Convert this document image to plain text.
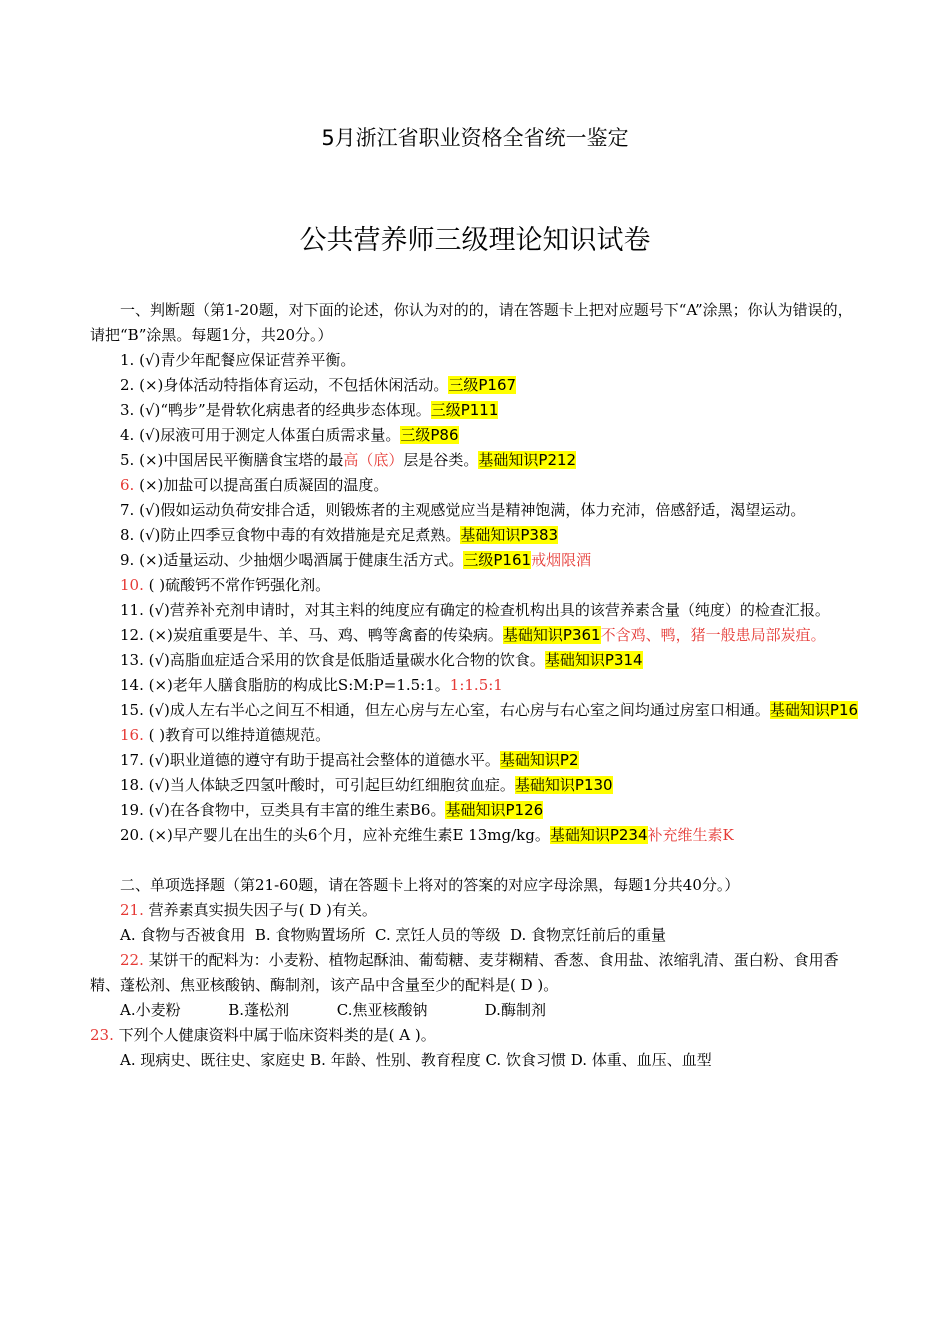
5月浙江省职业资格全省统一鉴定
公共营养师三级理论知识试卷

一、判断题（第1-20题，对下面的论述，你认为对的的，请在答题卡上把对应题号下“A”涂黑；你认为错误的，请把“B”涂黑。每题1分，共20分。）

1. (√)青少年配餐应保证营养平衡。

2. (×)身体活动特指体育运动，不包括休闲活动。三级P167

3. (√)“鸭步”是骨软化病患者的经典步态体现。三级P111

4. (√)尿液可用于测定人体蛋白质需求量。三级P86

5. (×)中国居民平衡膳食宝塔的最高（底）层是谷类。基础知识P212

6. (×)加盐可以提高蛋白质凝固的温度。

7. (√)假如运动负荷安排合适，则锻炼者的主观感觉应当是精神饱满，体力充沛，倍感舒适，渴望运动。

8. (√)防止四季豆食物中毒的有效措施是充足煮熟。基础知识P383

9. (×)适量运动、少抽烟少喝酒属于健康生活方式。三级P161戒烟限酒

10. ( )硫酸钙不常作钙强化剂。

11. (√)营养补充剂申请时，对其主料的纯度应有确定的检查机构出具的该营养素含量（纯度）的检查汇报。

12. (×)炭疽重要是牛、羊、马、鸡、鸭等禽畜的传染病。基础知识P361不含鸡、鸭，猪一般患局部炭疽。

13. (√)高脂血症适合采用的饮食是低脂适量碳水化合物的饮食。基础知识P314

14. (×)老年人膳食脂肪的构成比S:M:P=1.5:1。1:1.5:1

15. (√)成人左右半心之间互不相通，但左心房与左心室，右心房与右心室之间均通过房室口相通。基础知识P16

16. ( )教育可以维持道德规范。

17. (√)职业道德的遵守有助于提高社会整体的道德水平。基础知识P2

18. (√)当人体缺乏四氢叶酸时，可引起巨幼红细胞贫血症。基础知识P130

19. (√)在各食物中，豆类具有丰富的维生素B6。基础知识P126

20. (×)早产婴儿在出生的头6个月，应补充维生素E 13mg/kg。基础知识P234补充维生素K

二、单项选择题（第21-60题，请在答题卡上将对的答案的对应字母涂黑，每题1分共40分。）

21. 营养素真实损失因子与( D )有关。

A. 食物与否被食用  B. 食物购置场所  C. 烹饪人员的等级  D. 食物烹饪前后的重量

22. 某饼干的配料为：小麦粉、植物起酥油、葡萄糖、麦芽糊精、香葱、食用盐、浓缩乳清、蛋白粉、食用香精、蓬松剂、焦亚核酸钠、酶制剂，该产品中含量至少的配料是( D )。

A.小麦粉          B.蓬松剂          C.焦亚核酸钠            D.酶制剂

23. 下列个人健康资料中属于临床资料类的是( A )。

A. 现病史、既往史、家庭史 B. 年龄、性别、教育程度 C. 饮食习惯 D. 体重、血压、血型
